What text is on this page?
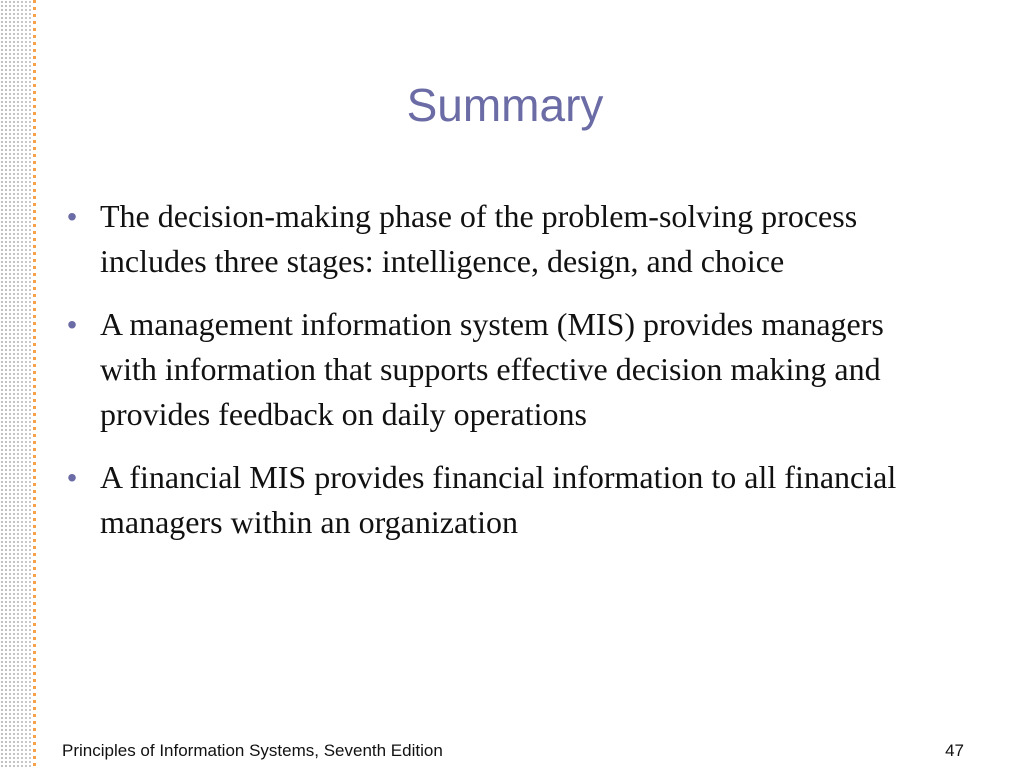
Summary
• The decision-making phase of the problem-solving process includes three stages: intelligence, design, and choice
• A management information system (MIS) provides managers with information that supports effective decision making and provides feedback on daily operations
• A financial MIS provides financial information to all financial managers within an organization
Principles of Information Systems, Seventh Edition	47
